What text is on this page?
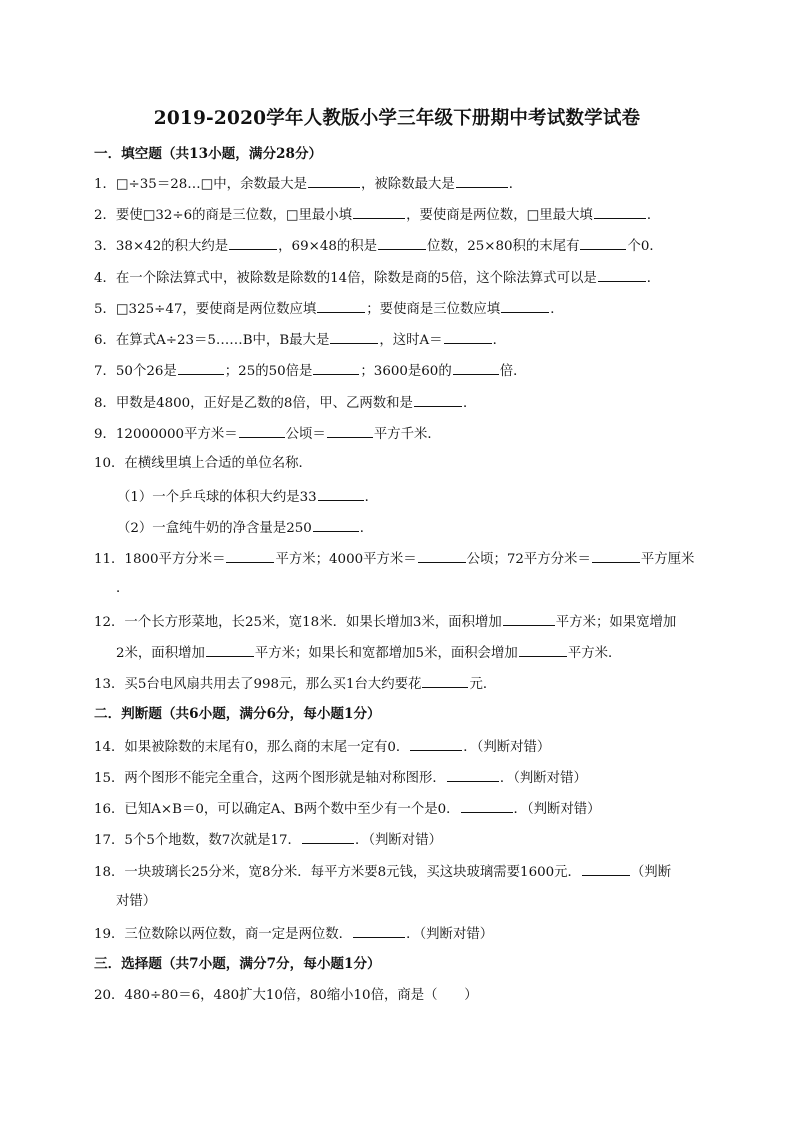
2019-2020学年人教版小学三年级下册期中考试数学试卷
一．填空题（共13小题，满分28分）
1．□÷35＝28…□中，余数最大是	，被除数最大是	．
2．要使□32÷6的商是三位数，□里最小填	，要使商是两位数，□里最大填	．
3．38×42的积大约是	，69×48的积是	位数，25×80积的末尾有	个0．
4．在一个除法算式中，被除数是除数的14倍，除数是商的5倍，这个除法算式可以是	．
5．□325÷47，要使商是两位数应填	；要使商是三位数应填	．
6．在算式A÷23＝5……B中，B最大是	，这时A＝	．
7．50个26是	；25的50倍是	；3600是60的	倍．
8．甲数是4800，正好是乙数的8倍，甲、乙两数和是	．
9．12000000平方米＝	公顷＝	平方千米．
10．在横线里填上合适的单位名称．
（1）一个乒乓球的体积大约是33	．
（2）一盒纯牛奶的净含量是250	．
11．1800平方分米＝	平方米；4000平方米＝	公顷；72平方分米＝	平方厘米
．
12．一个长方形菜地，长25米，宽18米．如果长增加3米，面积增加	平方米；如果宽增加
2米，面积增加	平方米；如果长和宽都增加5米，面积会增加	平方米．
13．买5台电风扇共用去了998元，那么买1台大约要花	元．
二．判断题（共6小题，满分6分，每小题1分）
14．如果被除数的末尾有0，那么商的末尾一定有0．	．（判断对错）
15．两个图形不能完全重合，这两个图形就是轴对称图形．	．（判断对错）
16．已知A×B＝0，可以确定A、B两个数中至少有一个是0．	．（判断对错）
17．5个5个地数，数7次就是17．	．（判断对错）
18．一块玻璃长25分米，宽8分米．每平方米要8元钱，买这块玻璃需要1600元．	（判断
对错）
19．三位数除以两位数，商一定是两位数．	．（判断对错）
三．选择题（共7小题，满分7分，每小题1分）
20．480÷80＝6，480扩大10倍，80缩小10倍，商是（　　）
